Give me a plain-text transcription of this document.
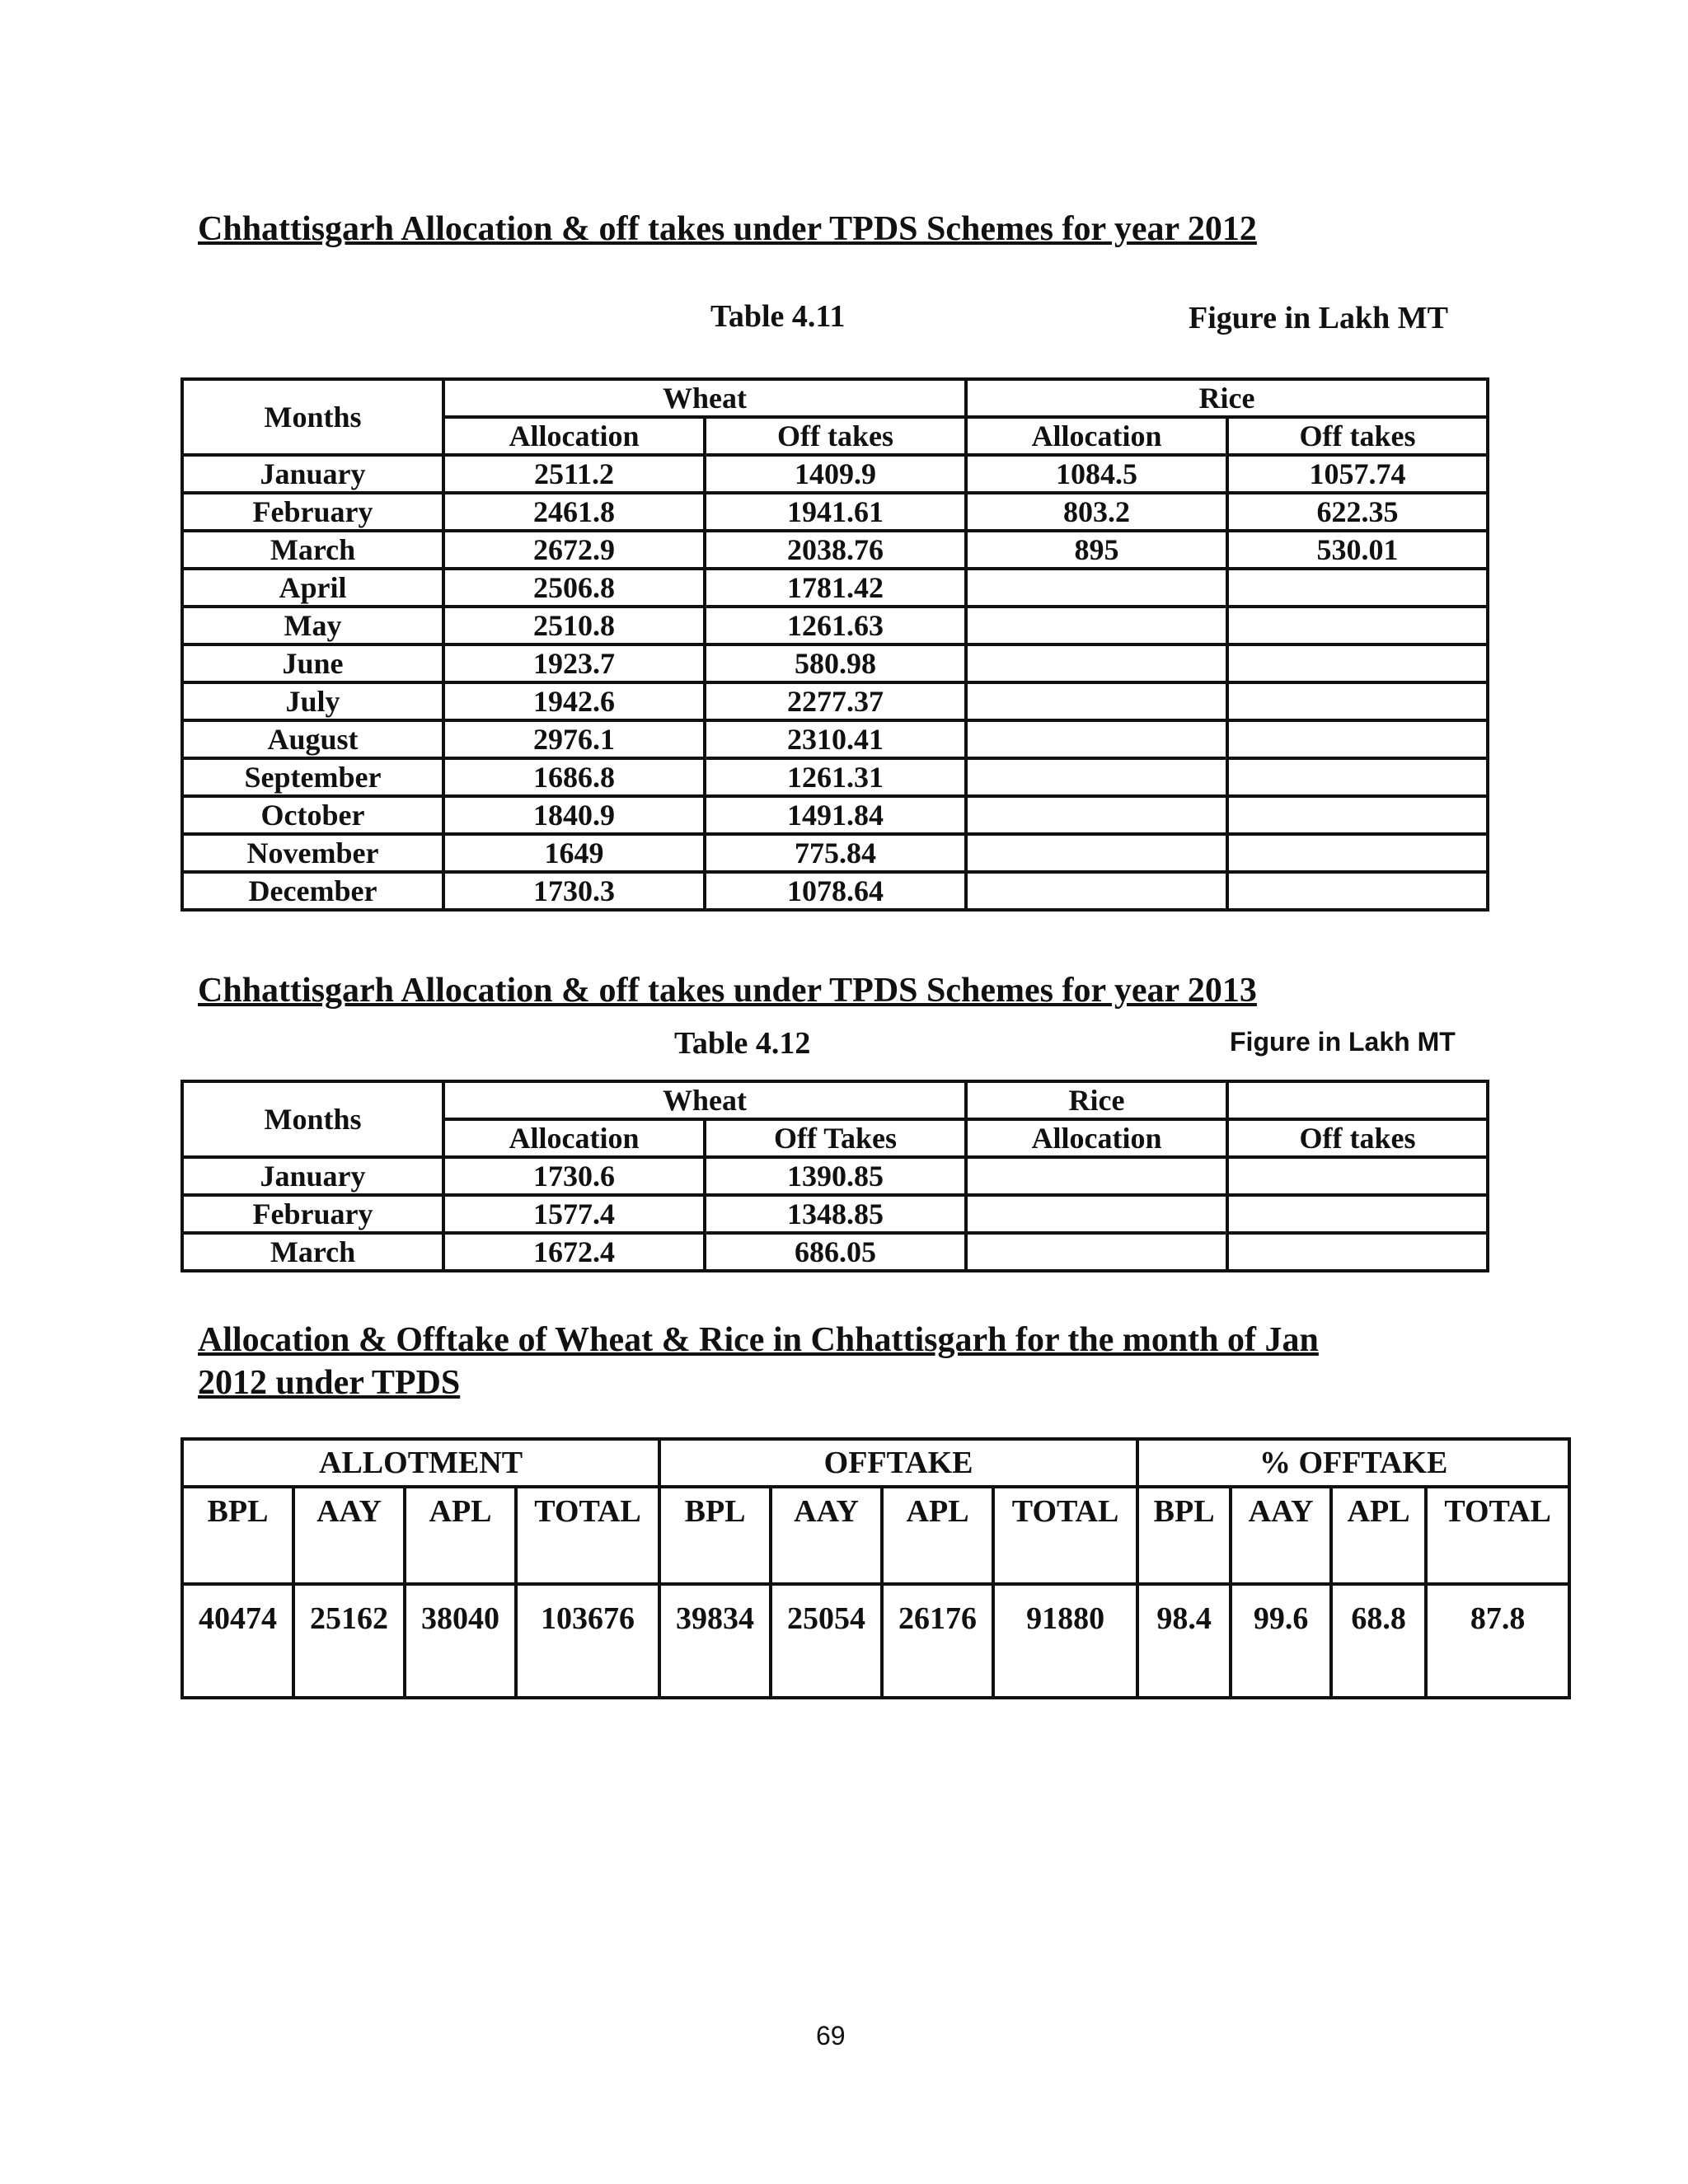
Chhattisgarh Allocation & off takes under TPDS Schemes for year 2012
Table 4.11	Figure in Lakh MT
Months	Wheat		Rice	
	Allocation	Off takes	Allocation	Off takes
January	2511.2	1409.9	1084.5	1057.74
February	2461.8	1941.61	803.2	622.35
March	2672.9	2038.76	895	530.01
April	2506.8	1781.42		
May	2510.8	1261.63		
June	1923.7	580.98		
July	1942.6	2277.37		
August	2976.1	2310.41		
September	1686.8	1261.31		
October	1840.9	1491.84		
November	1649	775.84		
December	1730.3	1078.64		
Chhattisgarh Allocation & off takes under TPDS Schemes for year 2013
Table 4.12	Figure in Lakh MT
Months	Wheat		Rice	
	Allocation	Off Takes	Allocation	Off takes
January	1730.6	1390.85		
February	1577.4	1348.85		
March	1672.4	686.05		
Allocation & Offtake of Wheat & Rice in Chhattisgarh for the month of Jan
2012 under TPDS
ALLOTMENT				OFFTAKE				% OFFTAKE			
BPL	AAY	APL	TOTAL	BPL	AAY	APL	TOTAL	BPL	AAY	APL	TOTAL
40474	25162	38040	103676	39834	25054	26176	91880	98.4	99.6	68.8	87.8
69
